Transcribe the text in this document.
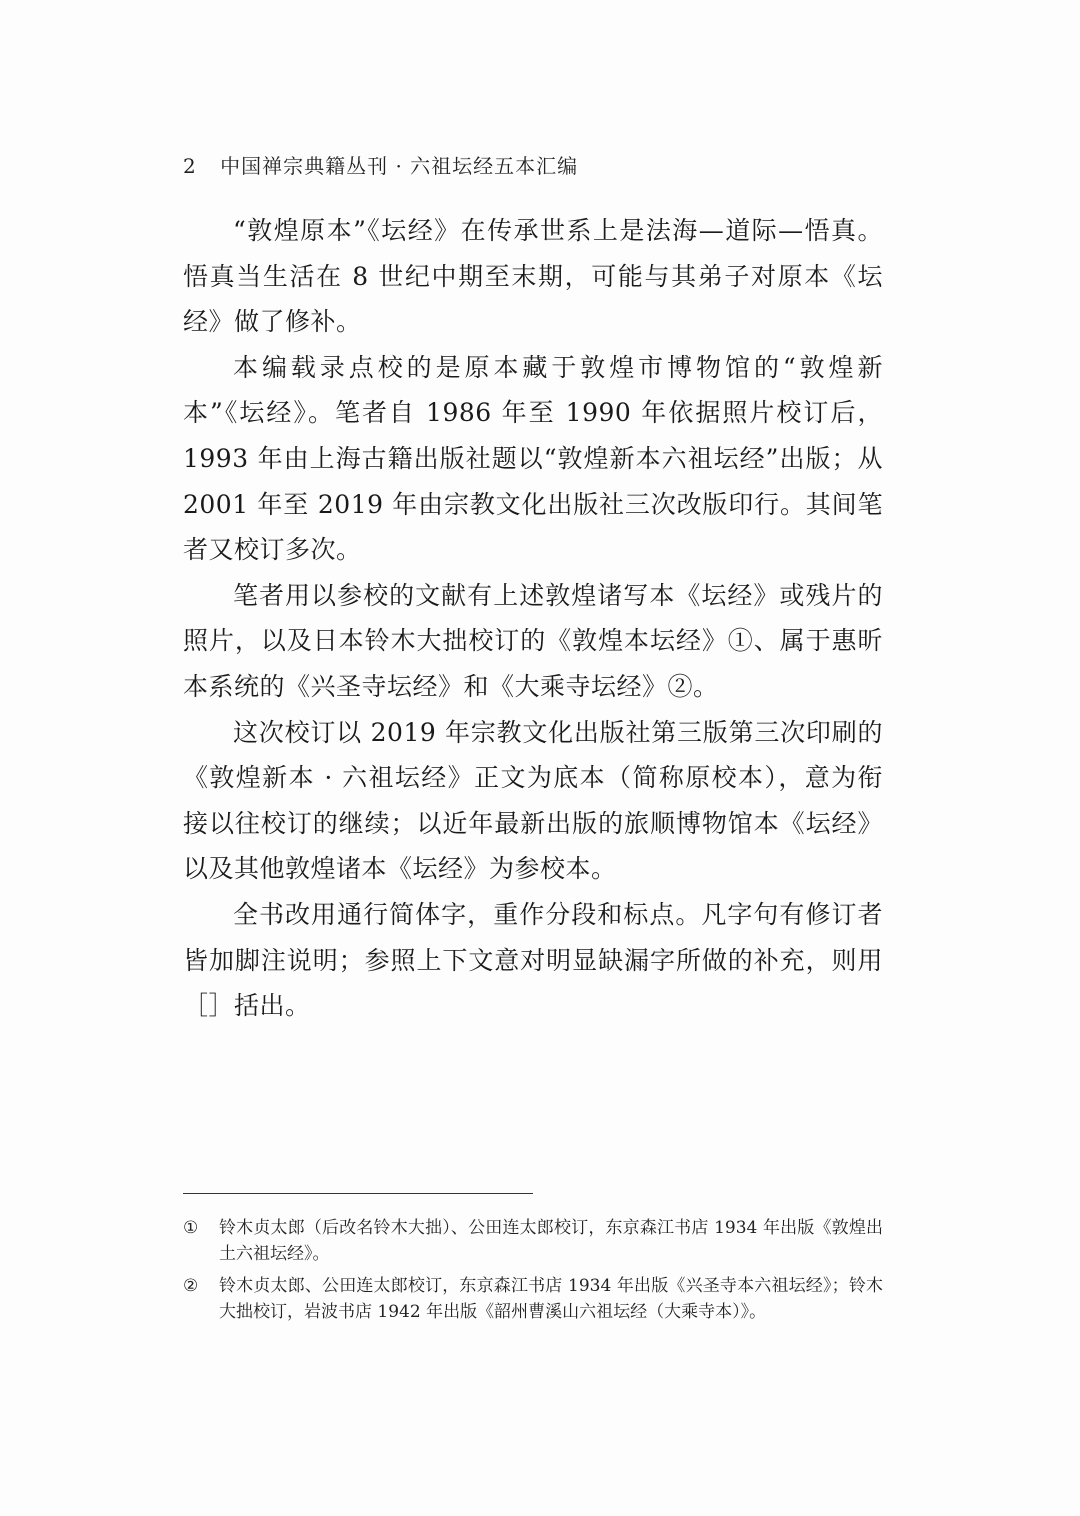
2 中国禅宗典籍丛刊 · 六祖坛经五本汇编

“敦煌原本”《坛经》在传承世系上是法海—道际—悟真。悟真当生活在 8 世纪中期至末期，可能与其弟子对原本《坛经》做了修补。

本编载录点校的是原本藏于敦煌市博物馆的“敦煌新本”《坛经》。笔者自 1986 年至 1990 年依据照片校订后，1993 年由上海古籍出版社题以“敦煌新本六祖坛经”出版；从 2001 年至 2019 年由宗教文化出版社三次改版印行。其间笔者又校订多次。

笔者用以参校的文献有上述敦煌诸写本《坛经》或残片的照片，以及日本铃木大拙校订的《敦煌本坛经》①、属于惠昕本系统的《兴圣寺坛经》和《大乘寺坛经》②。

这次校订以 2019 年宗教文化出版社第三版第三次印刷的《敦煌新本 · 六祖坛经》正文为底本（简称原校本），意为衔接以往校订的继续；以近年最新出版的旅顺博物馆本《坛经》以及其他敦煌诸本《坛经》为参校本。

全书改用通行简体字，重作分段和标点。凡字句有修订者皆加脚注说明；参照上下文意对明显缺漏字所做的补充，则用［］括出。

①	铃木贞太郎（后改名铃木大拙）、公田连太郎校订，东京森江书店 1934 年出版《敦煌出土六祖坛经》。
②	铃木贞太郎、公田连太郎校订，东京森江书店 1934 年出版《兴圣寺本六祖坛经》；铃木大拙校订，岩波书店 1942 年出版《韶州曹溪山六祖坛经（大乘寺本）》。
